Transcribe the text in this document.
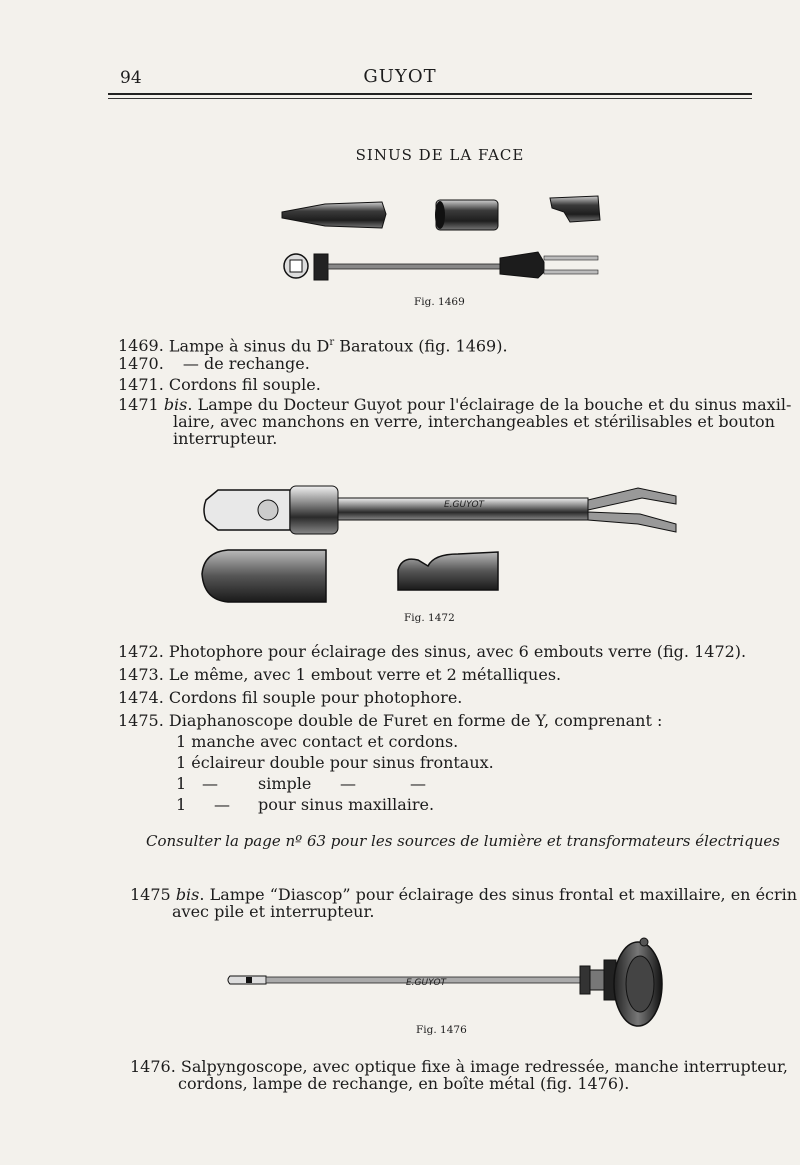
94	GUYOT
SINUS DE LA FACE
Fig. 1469
1469. Lampe à sinus du $D^r$ Baratoux (fig. 1469).
1470. — de rechange.
1471. Cordons fil souple.
1471 bis. Lampe du Docteur Guyot pour l'éclairage de la bouche et du sinus maxil-
laire, avec manchons en verre, interchangeables et stérilisables et bouton
interrupteur.
E.GUYOT
Fig. 1472
1472. Photophore pour éclairage des sinus, avec 6 embouts verre (fig. 1472).
1473. Le même, avec 1 embout verre et 2 métalliques.
1474. Cordons fil souple pour photophore.
1475. Diaphanoscope double de Furet en forme de Y, comprenant :
1 manche avec contact et cordons.
1 éclaireur double pour sinus frontaux.
1 —	simple —	—
1 — pour sinus maxillaire.
Consulter la page nº 63 pour les sources de lumière et transformateurs électriques
1475 bis. Lampe “Diascop” pour éclairage des sinus frontal et maxillaire, en écrin
avec pile et interrupteur.
E.GUYOT
Fig. 1476
1476. Salpyngoscope, avec optique fixe à image redressée, manche interrupteur,
cordons, lampe de rechange, en boîte métal (fig. 1476).
